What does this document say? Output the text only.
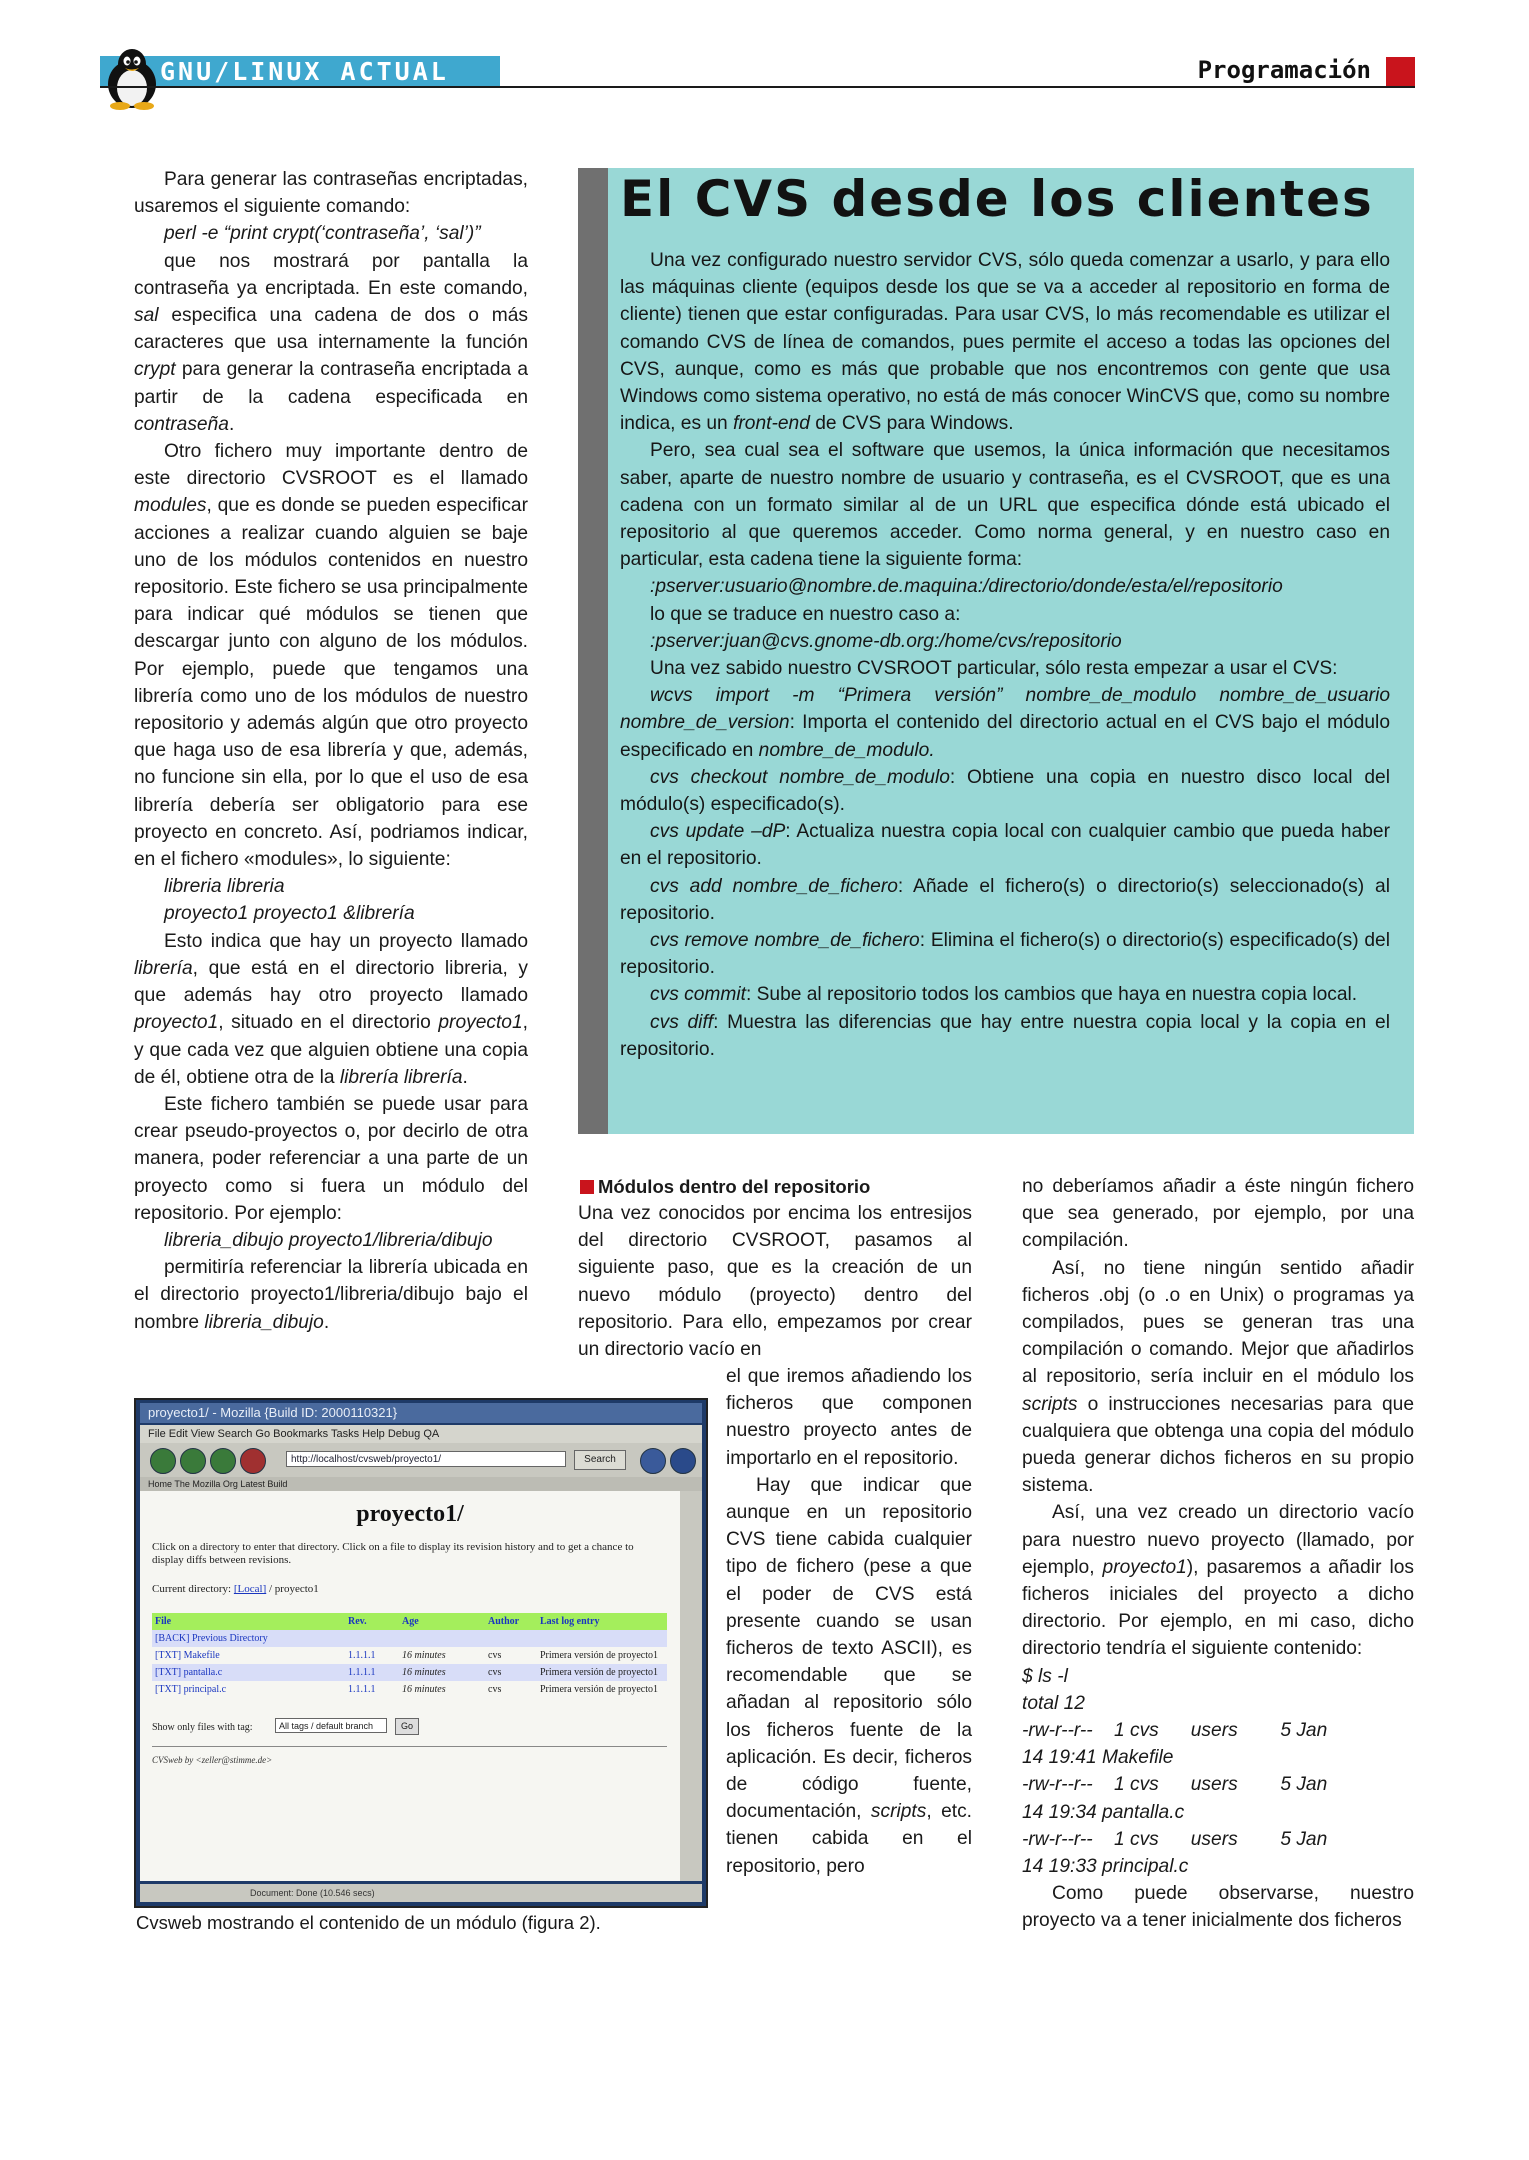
GNU/LINUX ACTUAL	Programación

Para generar las contraseñas encriptadas, usaremos el siguiente comando:

perl -e “print crypt(‘contraseña’, ‘sal’)”

que nos mostrará por pantalla la contraseña ya encriptada. En este comando, sal especifica una cadena de dos o más caracteres que usa internamente la función crypt para generar la contraseña encriptada a partir de la cadena especificada en contraseña.

Otro fichero muy importante dentro de este directorio CVSROOT es el llamado modules, que es donde se pueden especificar acciones a realizar cuando alguien se baje uno de los módulos contenidos en nuestro repositorio. Este fichero se usa principalmente para indicar qué módulos se tienen que descargar junto con alguno de los módulos. Por ejemplo, puede que tengamos una librería como uno de los módulos de nuestro repositorio y además algún que otro proyecto que haga uso de esa librería y que, además, no funcione sin ella, por lo que el uso de esa librería debería ser obligatorio para ese proyecto en concreto. Así, podriamos indicar, en el fichero «modules», lo siguiente:

libreria libreria

proyecto1 proyecto1 &librería

Esto indica que hay un proyecto llamado librería, que está en el directorio libreria, y que además hay otro proyecto llamado proyecto1, situado en el directorio proyecto1, y que cada vez que alguien obtiene una copia de él, obtiene otra de la librería librería.

Este fichero también se puede usar para crear pseudo-proyectos o, por decirlo de otra manera, poder referenciar a una parte de un proyecto como si fuera un módulo del repositorio. Por ejemplo:

libreria_dibujo proyecto1/libreria/dibujo

permitiría referenciar la librería ubicada en el directorio proyecto1/libreria/dibujo bajo el nombre libreria_dibujo.

El CVS desde los clientes

Una vez configurado nuestro servidor CVS, sólo queda comenzar a usarlo, y para ello las máquinas cliente (equipos desde los que se va a acceder al repositorio en forma de cliente) tienen que estar configuradas. Para usar CVS, lo más recomendable es utilizar el comando CVS de línea de comandos, pues permite el acceso a todas las opciones del CVS, aunque, como es más que probable que nos encontremos con gente que usa Windows como sistema operativo, no está de más conocer WinCVS que, como su nombre indica, es un front-end de CVS para Windows.

Pero, sea cual sea el software que usemos, la única información que necesitamos saber, aparte de nuestro nombre de usuario y contraseña, es el CVSROOT, que es una cadena con un formato similar al de un URL que especifica dónde está ubicado el repositorio al que queremos acceder. Como norma general, y en nuestro caso en particular, esta cadena tiene la siguiente forma:

:pserver:usuario@nombre.de.maquina:/directorio/donde/esta/el/repositorio

lo que se traduce en nuestro caso a:

:pserver:juan@cvs.gnome-db.org:/home/cvs/repositorio

Una vez sabido nuestro CVSROOT particular, sólo resta empezar a usar el CVS:

wcvs import -m “Primera versión” nombre_de_modulo nombre_de_usuario nombre_de_version: Importa el contenido del directorio actual en el CVS bajo el módulo especificado en nombre_de_modulo.

cvs checkout nombre_de_modulo: Obtiene una copia en nuestro disco local del módulo(s) especificado(s).

cvs update –dP: Actualiza nuestra copia local con cualquier cambio que pueda haber en el repositorio.

cvs add nombre_de_fichero: Añade el fichero(s) o directorio(s) seleccionado(s) al repositorio.

cvs remove nombre_de_fichero: Elimina el fichero(s) o directorio(s) especificado(s) del repositorio.

cvs commit: Sube al repositorio todos los cambios que haya en nuestra copia local.

cvs diff: Muestra las diferencias que hay entre nuestra copia local y la copia en el repositorio.

Módulos dentro del repositorio

Una vez conocidos por encima los entresijos del directorio CVSROOT, pasamos al siguiente paso, que es la creación de un nuevo módulo (proyecto) dentro del repositorio. Para ello, empezamos por crear un directorio vacío en

el que iremos añadiendo los ficheros que componen nuestro proyecto antes de importarlo en el repositorio.

Hay que indicar que aunque en un repositorio CVS tiene cabida cualquier tipo de fichero (pese a que el poder de CVS está presente cuando se usan ficheros de texto ASCII), es recomendable que se añadan al repositorio sólo los ficheros fuente de la aplicación. Es decir, ficheros de código fuente, documentación, scripts, etc. tienen cabida en el repositorio, pero

no deberíamos añadir a éste ningún fichero que sea generado, por ejemplo, por una compilación.

Así, no tiene ningún sentido añadir ficheros .obj (o .o en Unix) o programas ya compilados, pues se generan tras una compilación o comando. Mejor que añadirlos al repositorio, sería incluir en el módulo los scripts o instrucciones necesarias para que cualquiera que obtenga una copia del módulo pueda generar dichos ficheros en su propio sistema.

Así, una vez creado un directorio vacío para nuestro nuevo proyecto (llamado, por ejemplo, proyecto1), pasaremos a añadir los ficheros iniciales del proyecto a dicho directorio. Por ejemplo, en mi caso, dicho directorio tendría el siguiente contenido:

$ ls -l

total 12

-rw-r--r--    1 cvs      users        5 Jan

14 19:41 Makefile

-rw-r--r--    1 cvs      users        5 Jan

14 19:34 pantalla.c

-rw-r--r--    1 cvs      users        5 Jan

14 19:33 principal.c

Como puede observarse, nuestro proyecto va a tener inicialmente dos ficheros

proyecto1/ - Mozilla {Build ID: 2000110321}
File Edit View Search Go Bookmarks Tasks Help Debug QA
http://localhost/cvsweb/proyecto1/	Search
Home The Mozilla Org Latest Build
proyecto1/
Click on a directory to enter that directory. Click on a file to display its revision history and to get a chance to display diffs between revisions.
Current directory: [Local] / proyecto1
File	Rev.	Age	Author Last log entry
[BACK] Previous Directory
[TXT] Makefile	1.1.1.1	16 minutes	cvs	Primera versión de proyecto1
[TXT] pantalla.c	1.1.1.1	16 minutes	cvs	Primera versión de proyecto1
[TXT] principal.c	1.1.1.1	16 minutes	cvs	Primera versión de proyecto1
Show only files with tag:	All tags / default branch	Go
CVSweb by <zeller@stimme.de>
Document: Done (10.546 secs)
Cvsweb mostrando el contenido de un módulo (figura 2).
